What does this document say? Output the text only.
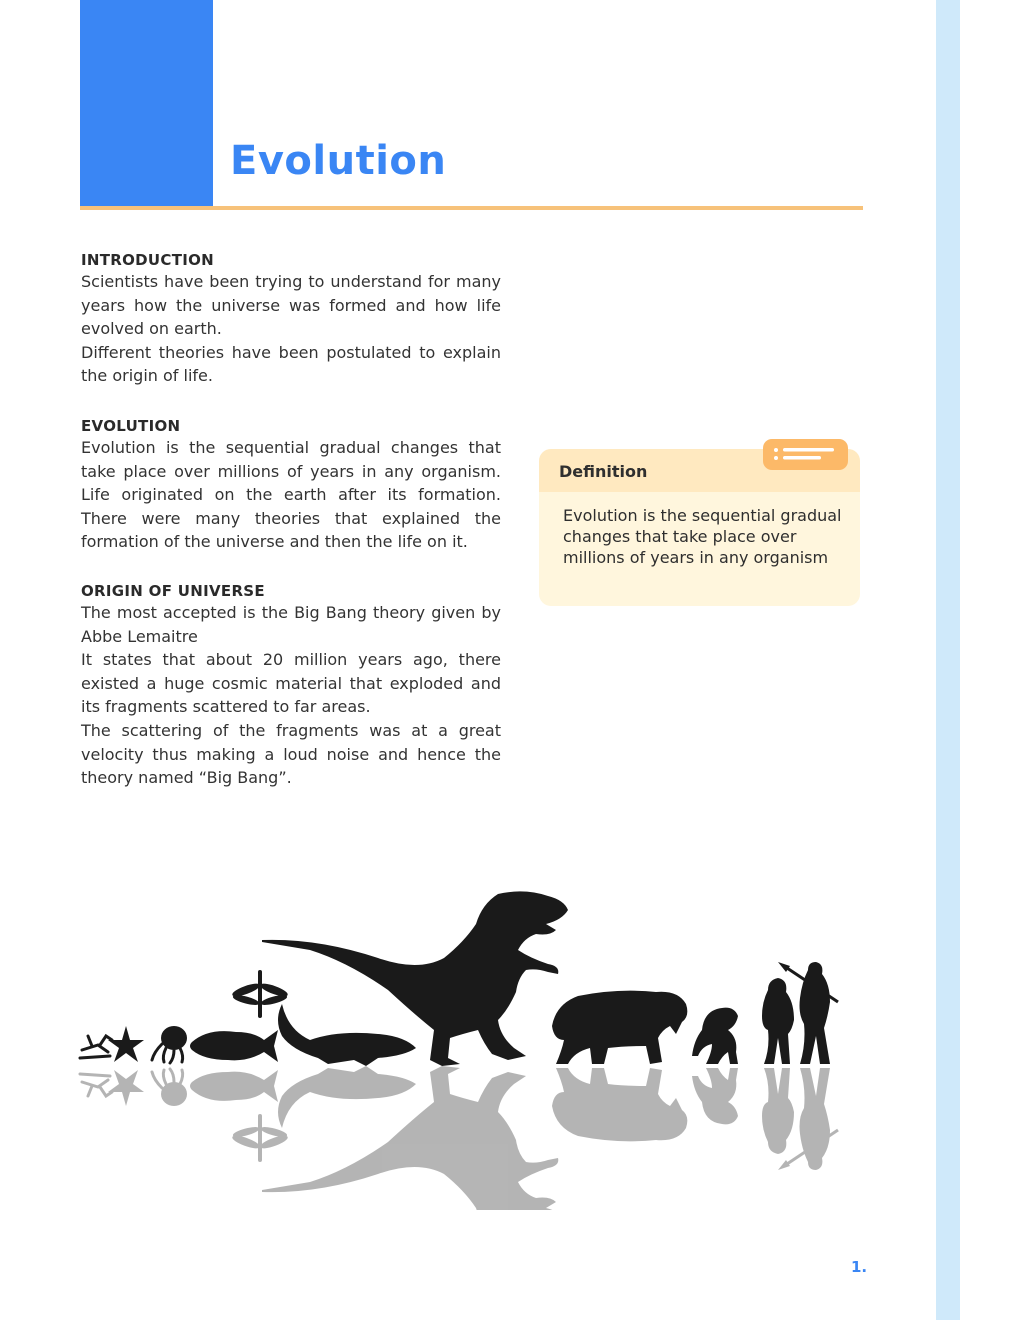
Evolution
INTRODUCTION

Scientists have been trying to understand for many years how the universe was formed and how life evolved on earth.

Different theories have been postulated to explain the origin of life.

EVOLUTION

Evolution is the sequential gradual changes that take place over millions of years in any organism. Life originated on the earth after its formation. There were many theories that explained the formation of the universe and then the life on it.

ORIGIN OF UNIVERSE

The most accepted is the Big Bang theory given by Abbe Lemaitre

It states that about 20 million years ago, there existed a huge cosmic material that exploded and its fragments scattered to far areas.

The scattering of the fragments was at a great velocity thus making a loud noise and hence the theory named “Big Bang”.

Definition
Evolution is the sequential gradual changes that take place over millions of years in any organism
1.
